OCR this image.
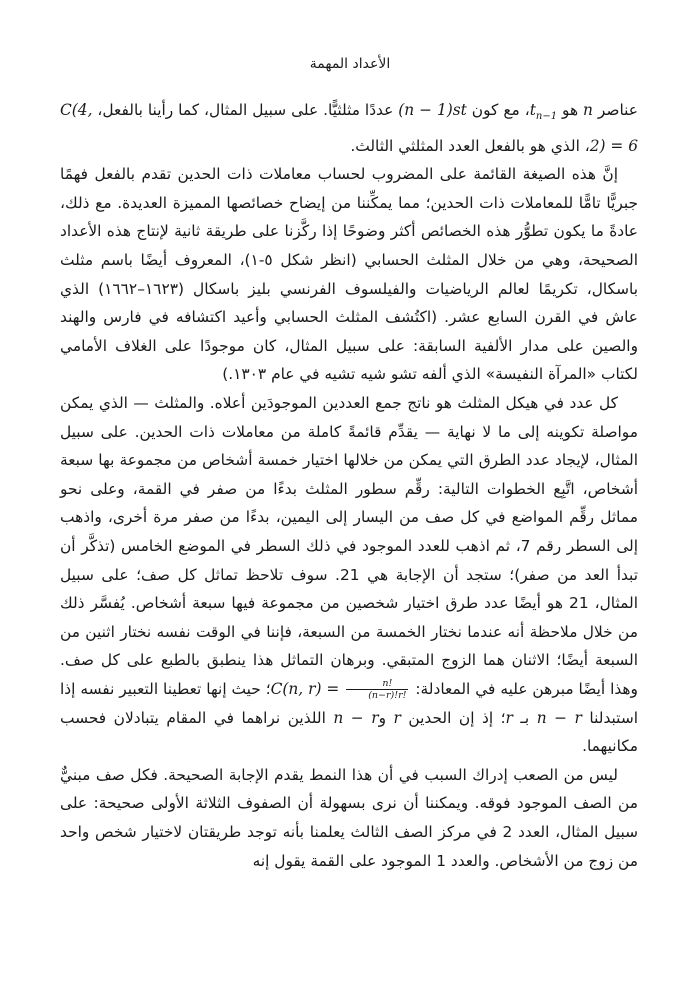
الأعداد المهمة

عناصر n هو $t_{n-1}،$ مع كون (n − 1)st عددًا مثلثيًّا. على سبيل المثال، كما رأينا بالفعل، C(4, 2) = 6، الذي هو بالفعل العدد المثلثي الثالث.

إنَّ هذه الصيغة القائمة على المضروب لحساب معاملات ذات الحدين تقدم بالفعل فهمًا جبريًّا تامًّا للمعاملات ذات الحدين؛ مما يمكِّننا من إيضاح خصائصها المميزة العديدة. مع ذلك، عادةً ما يكون تطوُّر هذه الخصائص أكثر وضوحًا إذا ركَّزنا على طريقة ثانية لإنتاج هذه الأعداد الصحيحة، وهي من خلال المثلث الحسابي (انظر شكل ٥-١)، المعروف أيضًا باسم مثلث باسكال، تكريمًا لعالم الرياضيات والفيلسوف الفرنسي بليز باسكال (١٦٢٣–١٦٦٢) الذي عاش في القرن السابع عشر. (اكتُشف المثلث الحسابي وأعيد اكتشافه في فارس والهند والصين على مدار الألفية السابقة: على سبيل المثال، كان موجودًا على الغلاف الأمامي لكتاب «المرآة النفيسة» الذي ألفه تشو شيه تشيه في عام ١٣٠٣.)

كل عدد في هيكل المثلث هو ناتج جمع العددين الموجودَين أعلاه. والمثلث — الذي يمكن مواصلة تكوينه إلى ما لا نهاية — يقدِّم قائمةً كاملة من معاملات ذات الحدين. على سبيل المثال، لإيجاد عدد الطرق التي يمكن من خلالها اختيار خمسة أشخاص من مجموعة بها سبعة أشخاص، اتَّبِع الخطوات التالية: رقِّم سطور المثلث بدءًا من صفر في القمة، وعلى نحو مماثل رقِّم المواضع في كل صف من اليسار إلى اليمين، بدءًا من صفر مرة أخرى، واذهب إلى السطر رقم 7، ثم اذهب للعدد الموجود في ذلك السطر في الموضع الخامس (تذكَّر أن تبدأ العد من صفر)؛ ستجد أن الإجابة هي 21. سوف تلاحظ تماثل كل صف؛ على سبيل المثال، 21 هو أيضًا عدد طرق اختيار شخصين من مجموعة فيها سبعة أشخاص. يُفسَّر ذلك من خلال ملاحظة أنه عندما نختار الخمسة من السبعة، فإننا في الوقت نفسه نختار اثنين من السبعة أيضًا؛ الاثنان هما الزوج المتبقي. وبرهان التماثل هذا ينطبق بالطبع على كل صف. وهذا أيضًا مبرهن عليه في المعادلة: C(n, $r) = \frac{n!}{(n-r)!r!}$
؛ حيث إنها تعطينا التعبير نفسه إذا استبدلنا n − r بـ r؛ إذ إن الحدين r وn − r اللذين نراهما في المقام يتبادلان فحسب مكانيهما.

ليس من الصعب إدراك السبب في أن هذا النمط يقدم الإجابة الصحيحة. فكل صف مبنيٌّ من الصف الموجود فوقه. ويمكننا أن نرى بسهولة أن الصفوف الثلاثة الأولى صحيحة: على سبيل المثال، العدد 2 في مركز الصف الثالث يعلمنا بأنه توجد طريقتان لاختيار شخص واحد من زوج من الأشخاص. والعدد 1 الموجود على القمة يقول إنه
